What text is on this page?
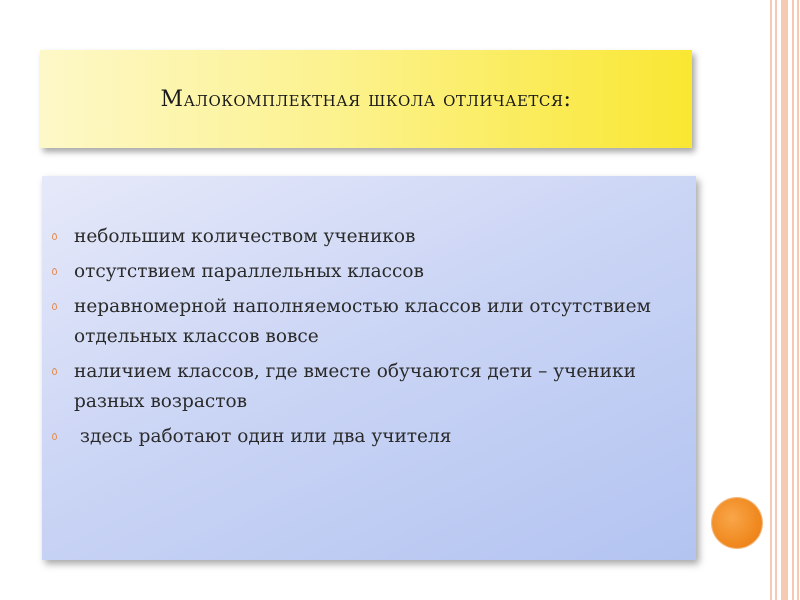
Малокомплектная школа отличается:
небольшим количеством учеников
отсутствием параллельных классов
неравномерной наполняемостью классов или отсутствием отдельных классов вовсе
наличием классов, где вместе обучаются дети – ученики разных возрастов
здесь работают один или два учителя
